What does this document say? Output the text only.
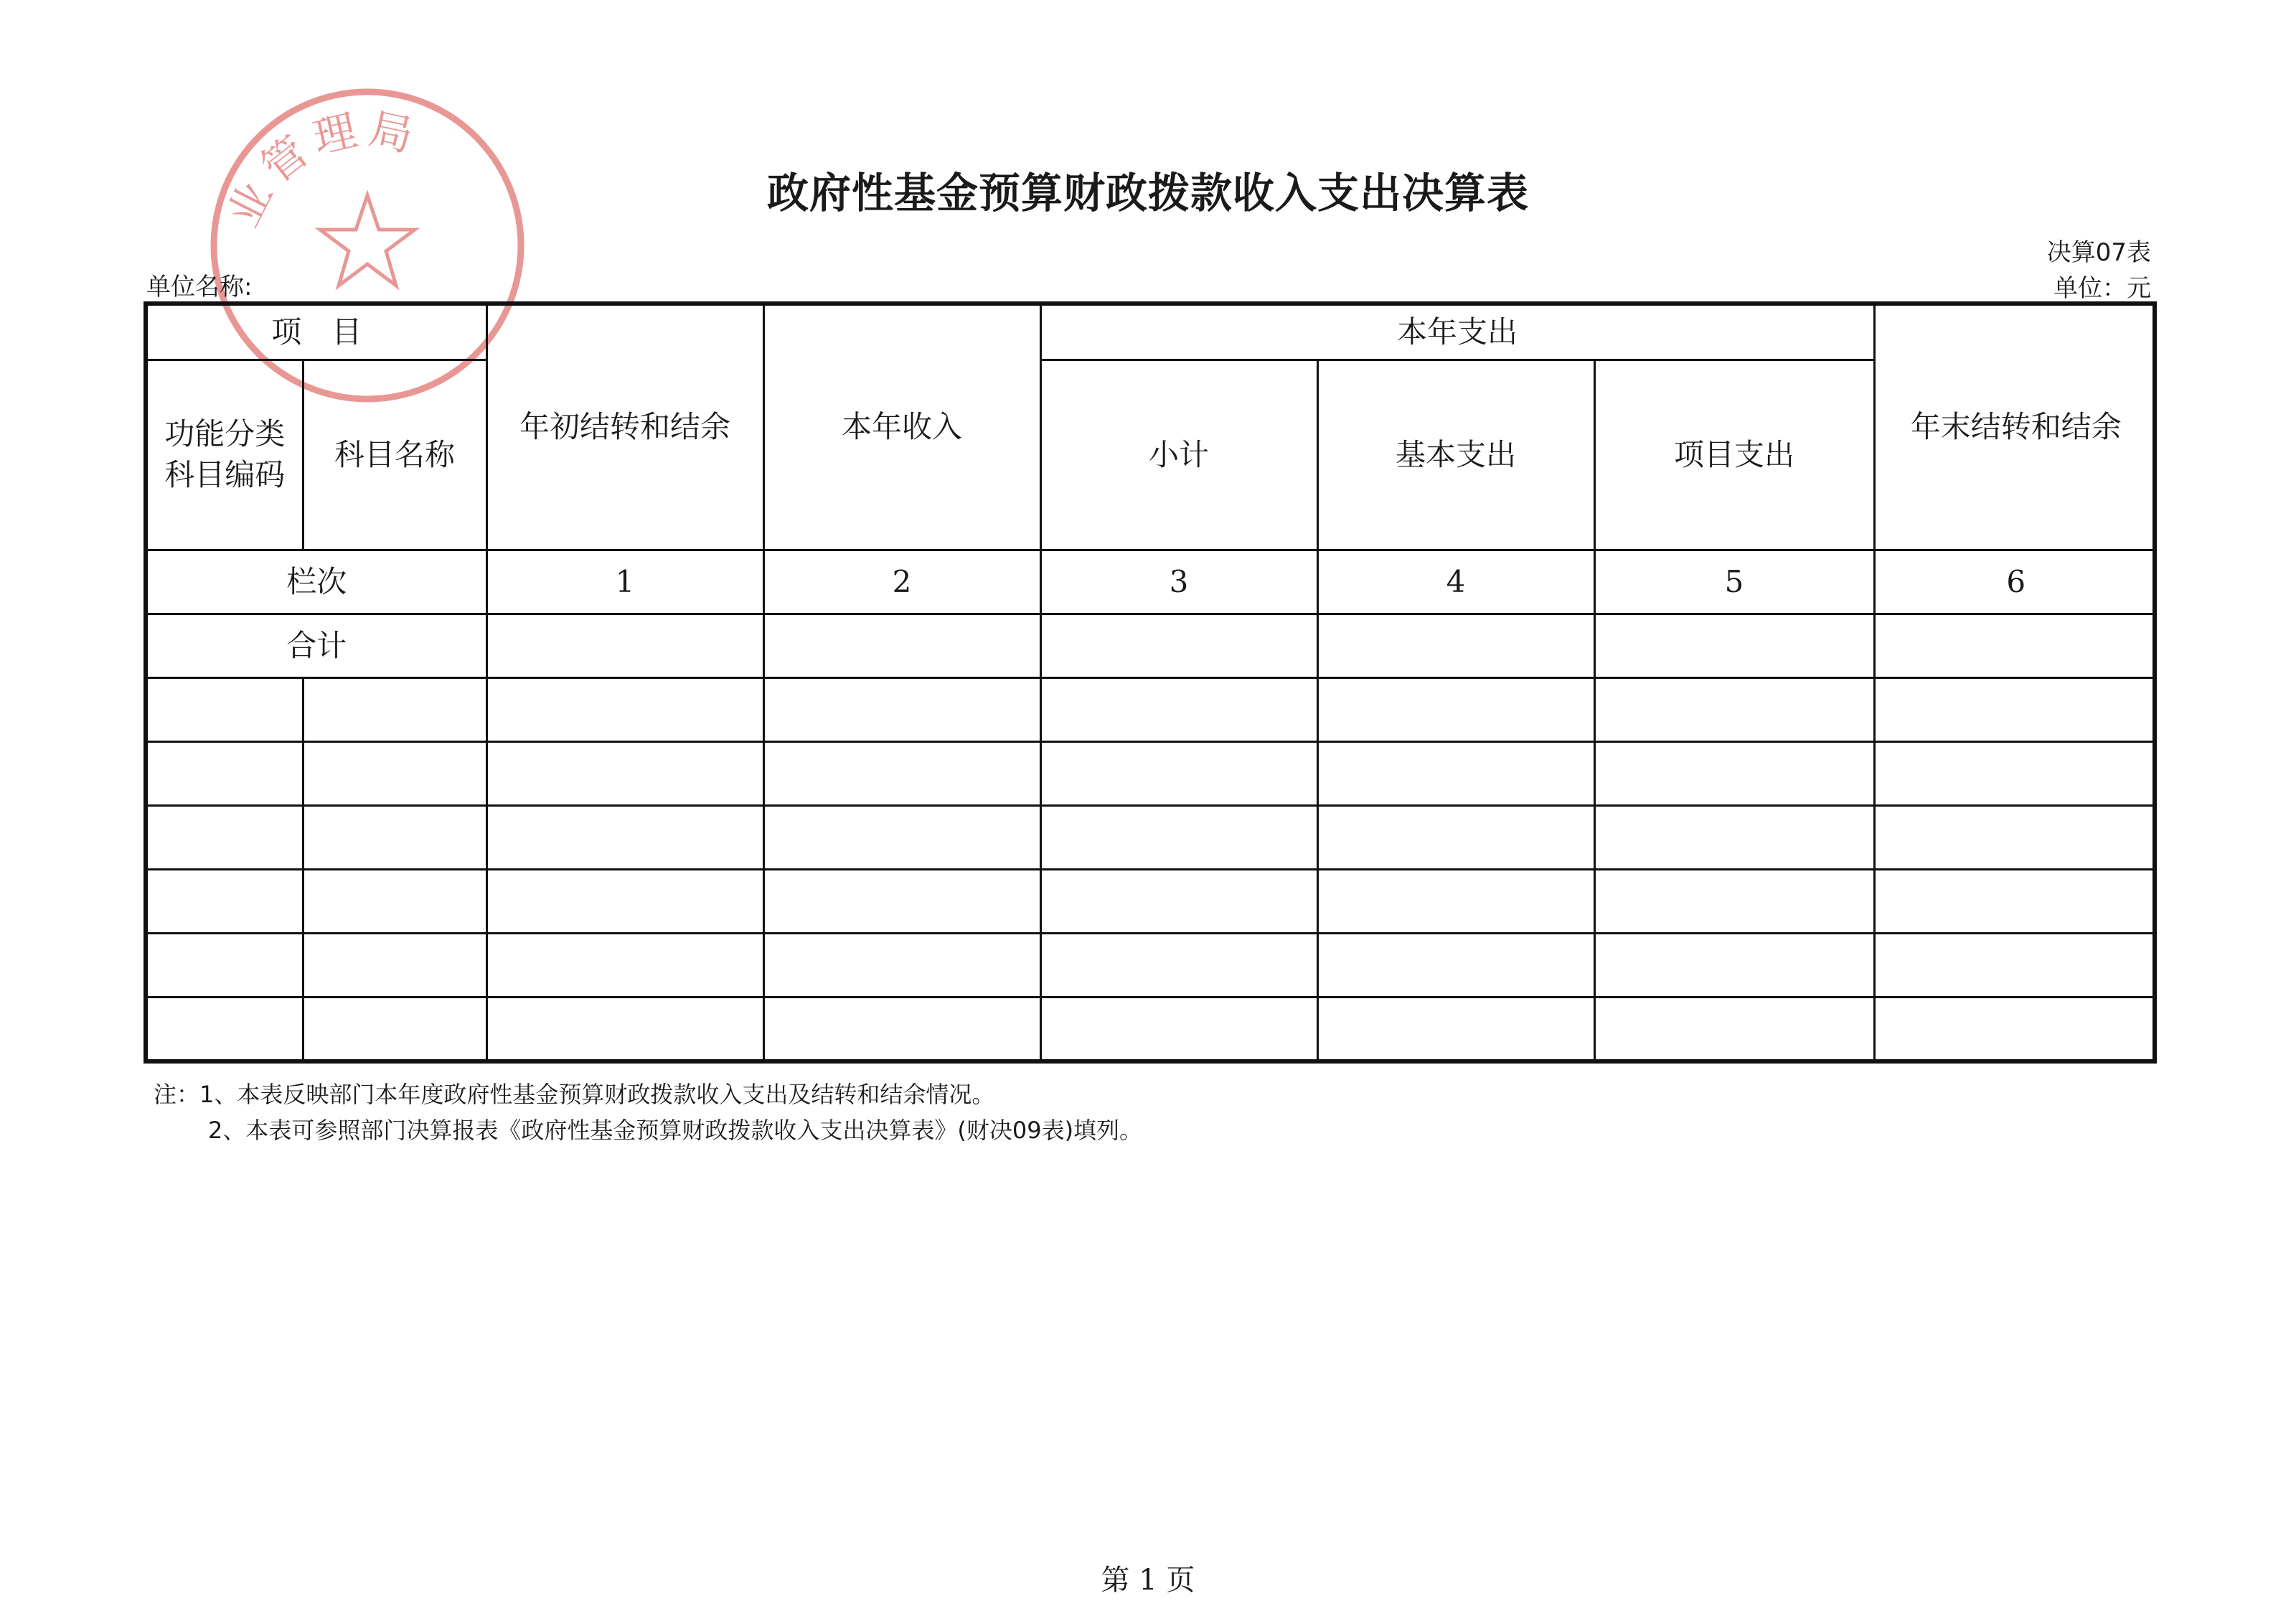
业管理局
政府性基金预算财政拨款收入支出决算表
单位名称:
决算07表
单位：元
项　目		年初结转和结余	本年收入	本年支出			年末结转和结余
功能分类科目编码	科目名称			小计	基本支出	项目支出	
栏次		1	2	3	4	5	6
合计							

注：1、本表反映部门本年度政府性基金预算财政拨款收入支出及结转和结余情况。
2、本表可参照部门决算报表《政府性基金预算财政拨款收入支出决算表》(财决09表)填列。
第 1 页
